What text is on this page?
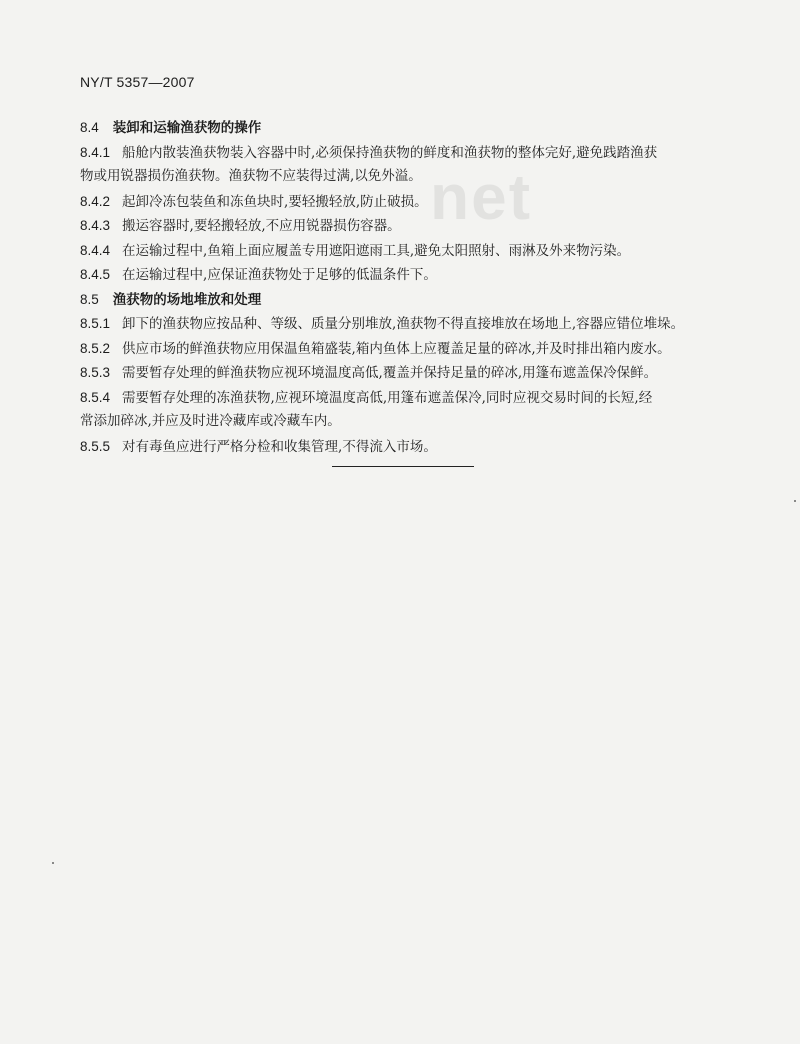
NY/T 5357—2007
net
8.4 装卸和运输渔获物的操作
8.4.1 船舱内散装渔获物装入容器中时,必须保持渔获物的鲜度和渔获物的整体完好,避免践踏渔获
物或用锐器损伤渔获物。渔获物不应装得过满,以免外溢。
8.4.2 起卸冷冻包装鱼和冻鱼块时,要轻搬轻放,防止破损。
8.4.3 搬运容器时,要轻搬轻放,不应用锐器损伤容器。
8.4.4 在运输过程中,鱼箱上面应履盖专用遮阳遮雨工具,避免太阳照射、雨淋及外来物污染。
8.4.5 在运输过程中,应保证渔获物处于足够的低温条件下。
8.5 渔获物的场地堆放和处理
8.5.1 卸下的渔获物应按品种、等级、质量分别堆放,渔获物不得直接堆放在场地上,容器应错位堆垛。
8.5.2 供应市场的鲜渔获物应用保温鱼箱盛装,箱内鱼体上应覆盖足量的碎冰,并及时排出箱内废水。
8.5.3 需要暂存处理的鲜渔获物应视环境温度高低,覆盖并保持足量的碎冰,用篷布遮盖保冷保鲜。
8.5.4 需要暂存处理的冻渔获物,应视环境温度高低,用篷布遮盖保冷,同时应视交易时间的长短,经
常添加碎冰,并应及时进冷藏库或冷藏车内。
8.5.5 对有毒鱼应进行严格分检和收集管理,不得流入市场。
